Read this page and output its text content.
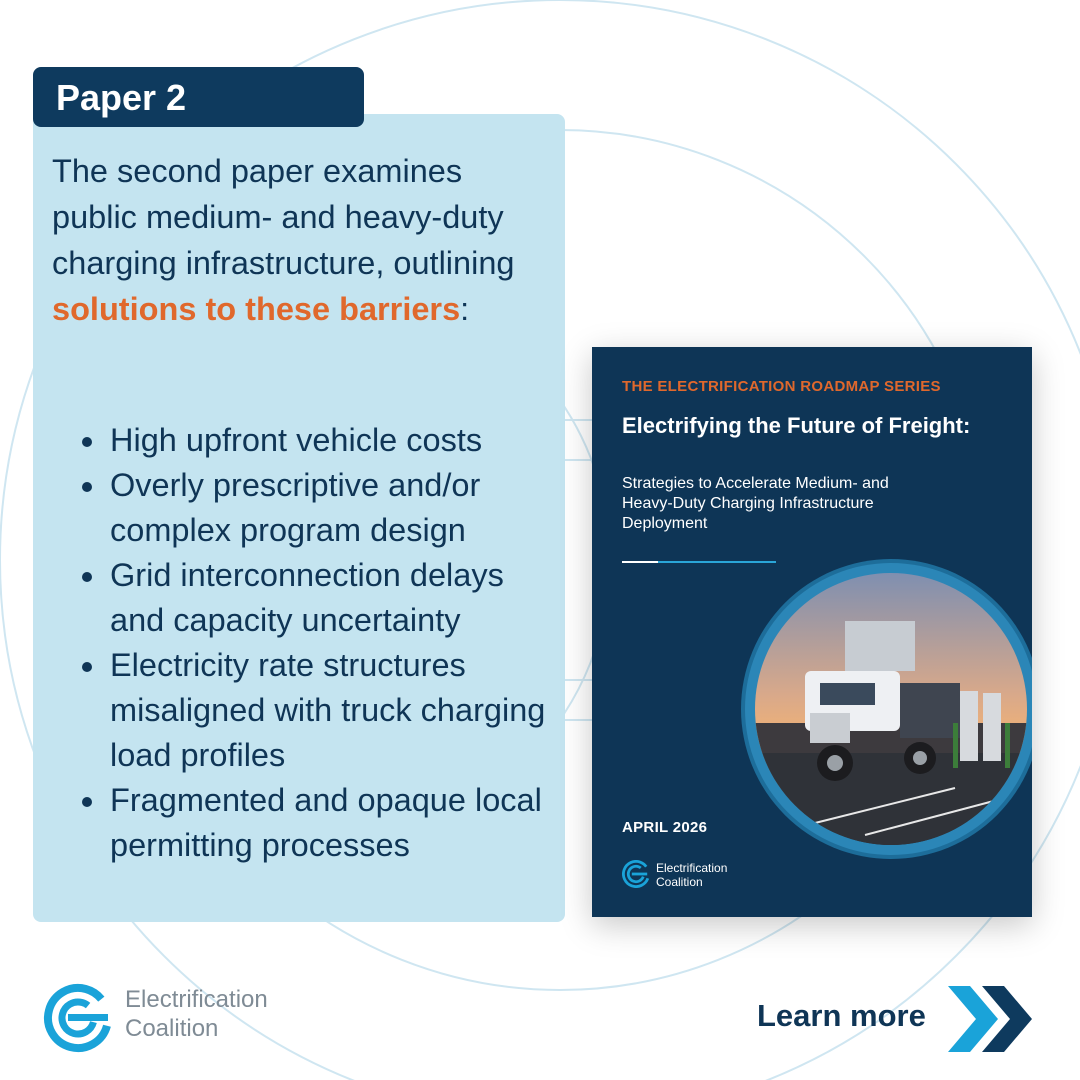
Paper 2

The second paper examines public medium- and heavy-duty charging infrastructure, outlining solutions to these barriers:

High upfront vehicle costs
Overly prescriptive and/or complex program design
Grid interconnection delays and capacity uncertainty
Electricity rate structures misaligned with truck charging load profiles
Fragmented and opaque local permitting processes
THE ELECTRIFICATION ROADMAP SERIES
Electrifying the Future of Freight:
Strategies to Accelerate Medium- and Heavy-Duty Charging Infrastructure Deployment
APRIL 2026
Electrification Coalition
Electrification Coalition	Learn more
